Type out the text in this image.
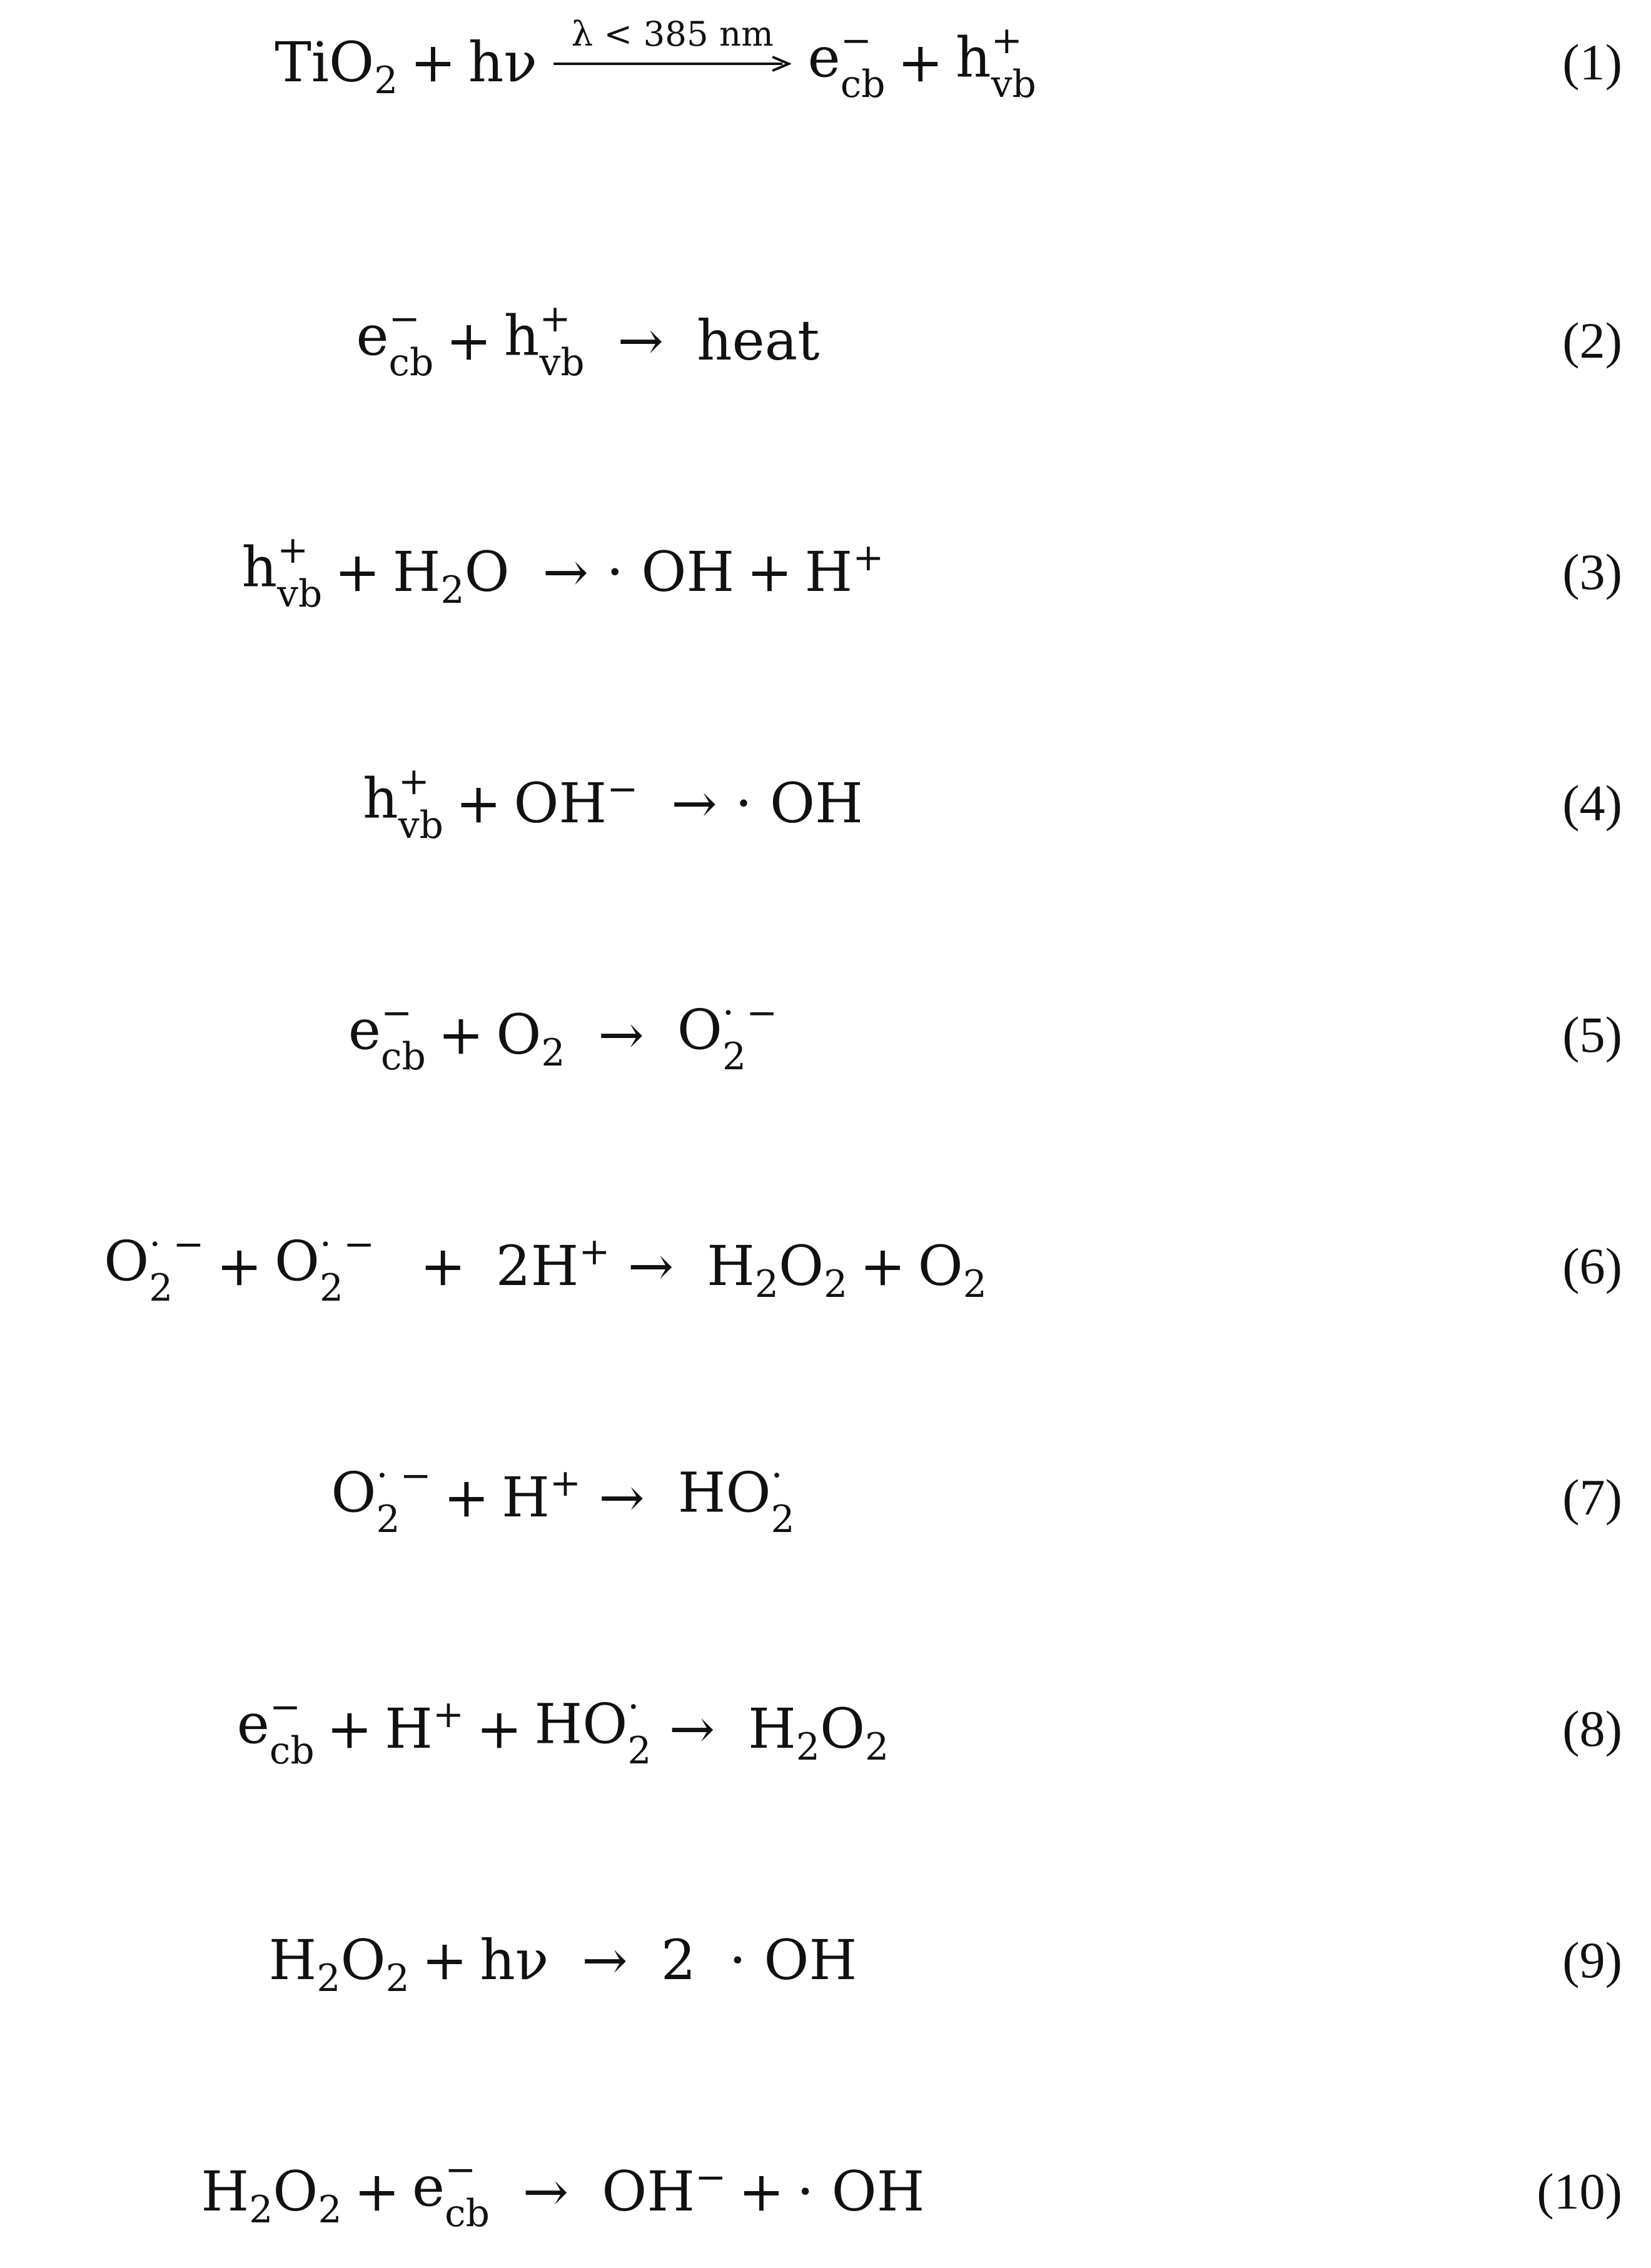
TiO$_2$ + hν λ < 385 nm e −
cb + h +
vb	(1)
e −
cb + h +
vb → heat	(2)
h +
vb + $H_2O$ → · OH + H+	(3)
h +
vb + OH− → · OH	(4)
e −
cb + $O_2 \to O$ · −
2	(5)
O · −
2 + O · −
2	+ $2H^+ \to H_2O_2 + O_2$	(6)
O · −
2 + H+ → HO ·
2	(7)
e −
cb + H+ + HO ·
$2 \to H_2O_2$	(8)
$H_2O_2 + h\nu \to 2$ · OH	(9)
$H_2O_2 + e$ −
cb → OH− + · OH	(10)
